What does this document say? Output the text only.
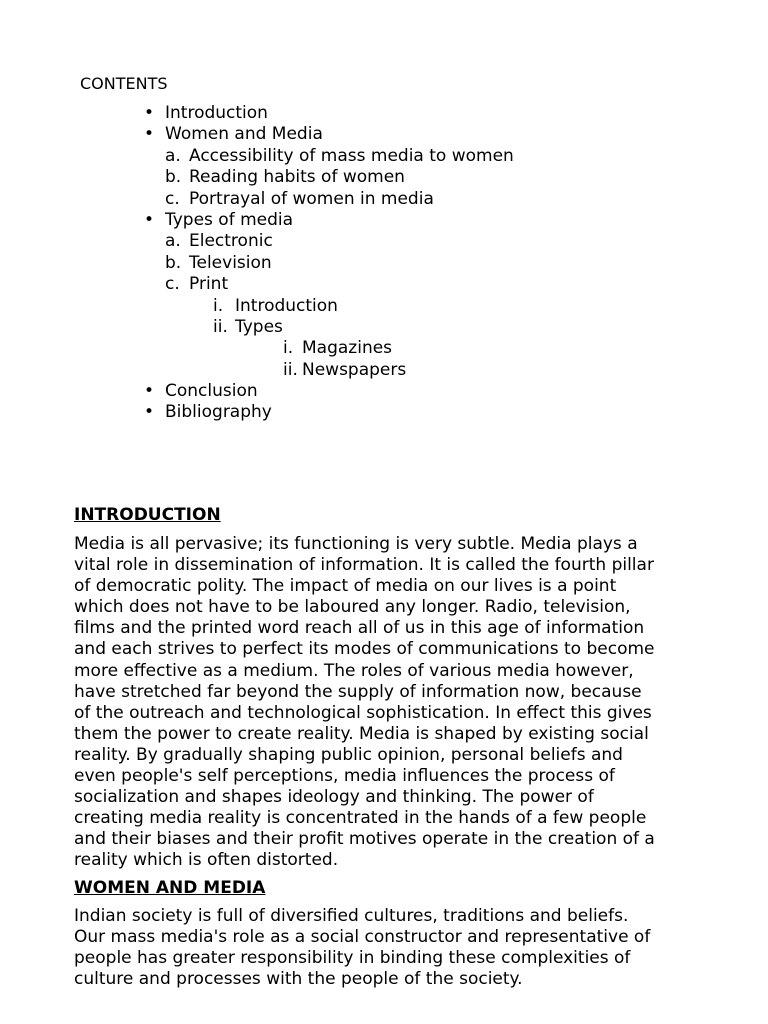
CONTENTS
• Introduction
• Women and Media
a. Accessibility of mass media to women
b. Reading habits of women
c. Portrayal of women in media
• Types of media
a. Electronic
b. Television
c. Print
i. Introduction
ii. Types
i. Magazines
ii. Newspapers
• Conclusion
• Bibliography
INTRODUCTION

Media is all pervasive; its functioning is very subtle. Media plays a
vital role in dissemination of information. It is called the fourth pillar
of democratic polity. The impact of media on our lives is a point
which does not have to be laboured any longer. Radio, television,
films and the printed word reach all of us in this age of information
and each strives to perfect its modes of communications to become
more effective as a medium. The roles of various media however,
have stretched far beyond the supply of information now, because
of the outreach and technological sophistication. In effect this gives
them the power to create reality. Media is shaped by existing social
reality. By gradually shaping public opinion, personal beliefs and
even people's self perceptions, media influences the process of
socialization and shapes ideology and thinking. The power of
creating media reality is concentrated in the hands of a few people
and their biases and their profit motives operate in the creation of a
reality which is often distorted.

WOMEN AND MEDIA

Indian society is full of diversified cultures, traditions and beliefs.
Our mass media's role as a social constructor and representative of
people has greater responsibility in binding these complexities of
culture and processes with the people of the society.
